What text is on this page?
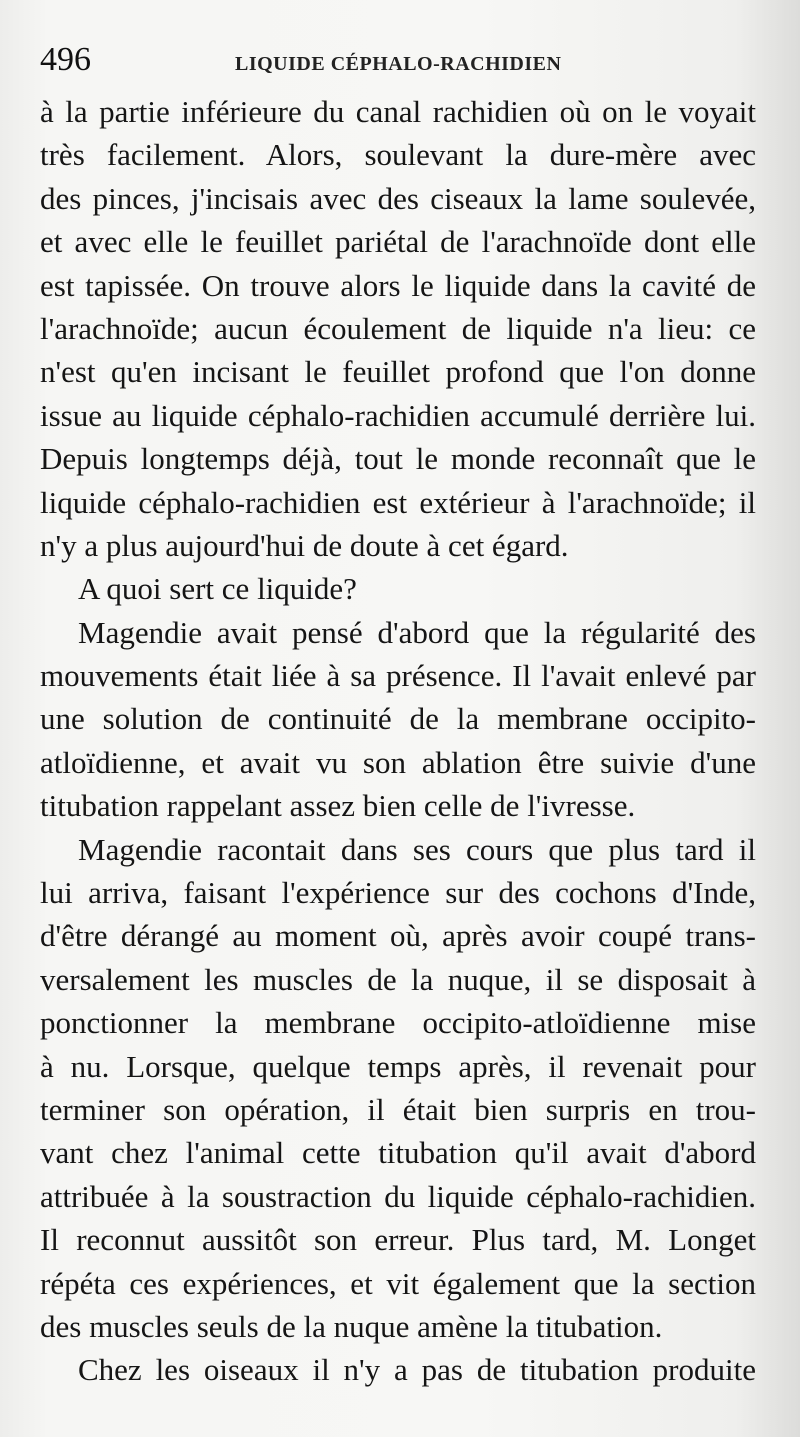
496	LIQUIDE CÉPHALO-RACHIDIEN
à la partie inférieure du canal rachidien où on le voyait
très facilement. Alors, soulevant la dure-mère avec
des pinces, j'incisais avec des ciseaux la lame soulevée,
et avec elle le feuillet pariétal de l'arachnoïde dont elle
est tapissée. On trouve alors le liquide dans la cavité de
l'arachnoïde; aucun écoulement de liquide n'a lieu: ce
n'est qu'en incisant le feuillet profond que l'on donne
issue au liquide céphalo-rachidien accumulé derrière lui.
Depuis longtemps déjà, tout le monde reconnaît que le
liquide céphalo-rachidien est extérieur à l'arachnoïde; il
n'y a plus aujourd'hui de doute à cet égard.
A quoi sert ce liquide?
Magendie avait pensé d'abord que la régularité des
mouvements était liée à sa présence. Il l'avait enlevé par
une solution de continuité de la membrane occipito-
atloïdienne, et avait vu son ablation être suivie d'une
titubation rappelant assez bien celle de l'ivresse.
Magendie racontait dans ses cours que plus tard il
lui arriva, faisant l'expérience sur des cochons d'Inde,
d'être dérangé au moment où, après avoir coupé trans-
versalement les muscles de la nuque, il se disposait à
ponctionner la membrane occipito-atloïdienne mise
à nu. Lorsque, quelque temps après, il revenait pour
terminer son opération, il était bien surpris en trou-
vant chez l'animal cette titubation qu'il avait d'abord
attribuée à la soustraction du liquide céphalo-rachidien.
Il reconnut aussitôt son erreur. Plus tard, M. Longet
répéta ces expériences, et vit également que la section
des muscles seuls de la nuque amène la titubation.
Chez les oiseaux il n'y a pas de titubation produite
